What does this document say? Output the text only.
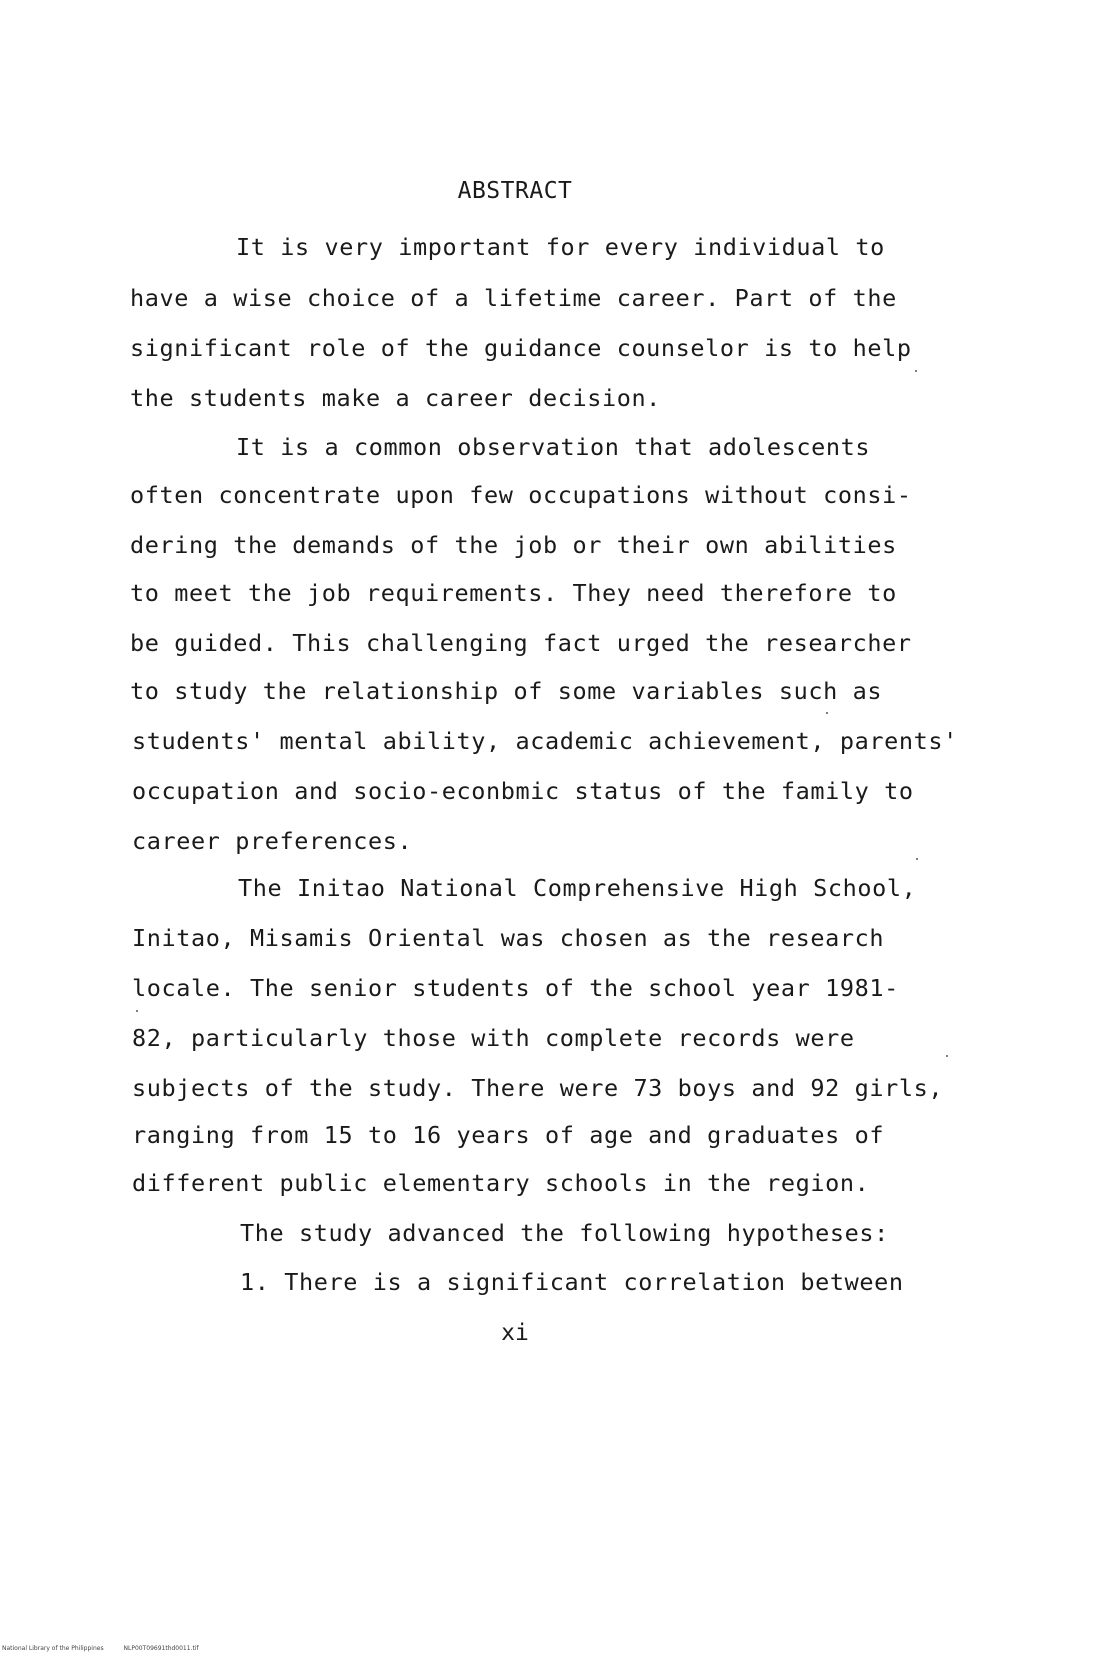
ABSTRACT
It is very important for every individual to
have a wise choice of a lifetime career. Part of the
significant role of the guidance counselor is to help
the students make a career decision.
It is a common observation that adolescents
often concentrate upon few occupations without consi-
dering the demands of the job or their own abilities
to meet the job requirements. They need therefore to
be guided. This challenging fact urged the researcher
to study the relationship of some variables such as
students' mental ability, academic achievement, parents'
occupation and socio-econbmic status of the family to
career preferences.
The Initao National Comprehensive High School,
Initao, Misamis Oriental was chosen as the research
locale. The senior students of the school year 1981-
82, particularly those with complete records were
subjects of the study. There were 73 boys and 92 girls,
ranging from 15 to 16 years of age and graduates of
different public elementary schools in the region.
The study advanced the following hypotheses:
1. There is a significant correlation between
xi
National Library of the Philippines	NLP00T09691thd0011.tif
